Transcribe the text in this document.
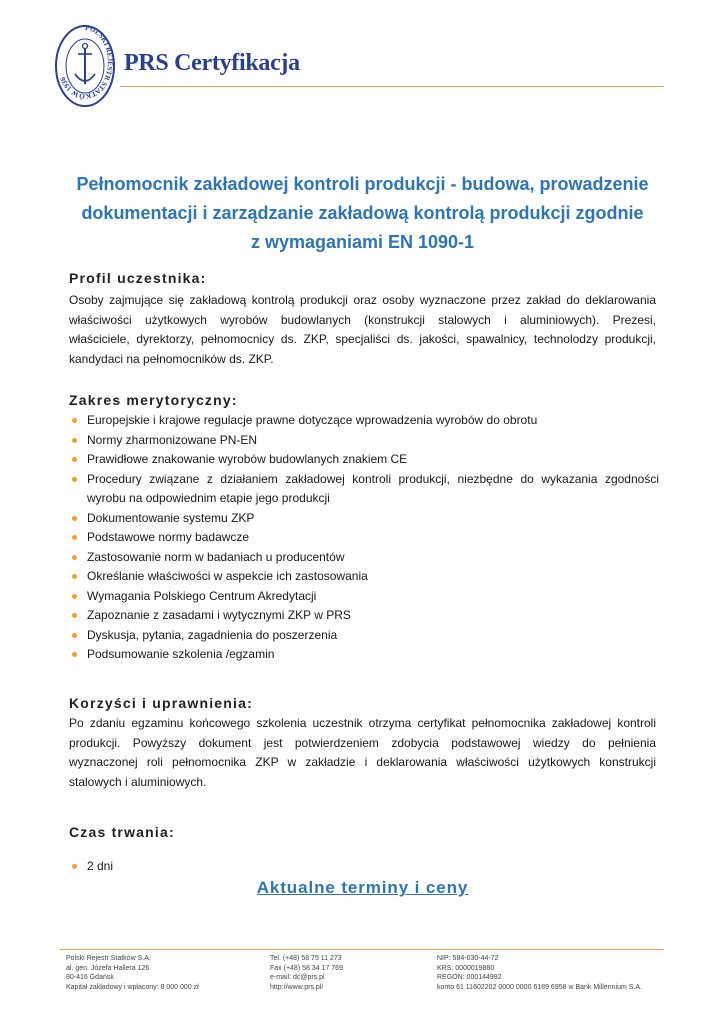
POLSKI REJESTR STATKÓW 1936
PRS Certyfikacja
Pełnomocnik zakładowej kontroli produkcji - budowa, prowadzenie
dokumentacji i zarządzanie zakładową kontrolą produkcji zgodnie
z wymaganiami EN 1090-1
Profil uczestnika:
Osoby zajmujące się zakładową kontrolą produkcji oraz osoby wyznaczone przez zakład do deklarowania
właściwości użytkowych wyrobów budowlanych (konstrukcji stalowych i aluminiowych). Prezesi,
właściciele, dyrektorzy, pełnomocnicy ds. ZKP, specjaliści ds. jakości, spawalnicy, technolodzy produkcji,
kandydaci na pełnomocników ds. ZKP.
Zakres merytoryczny:
Europejskie i krajowe regulacje prawne dotyczące wprowadzenia wyrobów do obrotu
Normy zharmonizowane PN-EN
Prawidłowe znakowanie wyrobów budowlanych znakiem CE
Procedury związane z działaniem zakładowej kontroli produkcji, niezbędne do wykazania zgodności
wyrobu na odpowiednim etapie jego produkcji
Dokumentowanie systemu ZKP
Podstawowe normy badawcze
Zastosowanie norm w badaniach u producentów
Określanie właściwości w aspekcie ich zastosowania
Wymagania Polskiego Centrum Akredytacji
Zapoznanie z zasadami i wytycznymi ZKP w PRS
Dyskusja, pytania, zagadnienia do poszerzenia
Podsumowanie szkolenia /egzamin
Korzyści i uprawnienia:
Po zdaniu egzaminu końcowego szkolenia uczestnik otrzyma certyfikat pełnomocnika zakładowej kontroli
produkcji. Powyższy dokument jest potwierdzeniem zdobycia podstawowej wiedzy do pełnienia
wyznaczonej roli pełnomocnika ZKP w zakładzie i deklarowania właściwości użytkowych konstrukcji
stalowych i aluminiowych.
Czas trwania:
2 dni
Aktualne terminy i ceny
Polski Rejestr Statków S.A.
al. gen. Józefa Hallera 126
80-416 Gdańsk
Kapitał zakładowy i wpłacony: 8 000 000 zł
Tel. (+48) 58 75 11 273
Fax (+48) 58 34 17 769
e-mail: dc@prs.pl
http://www.prs.pl/
NIP: 584-030-44-72
KRS: 0000019880
REGON: 000144992
konto 61 11602202 0000 0000 6189 6958 w Bank Millennium S.A.
